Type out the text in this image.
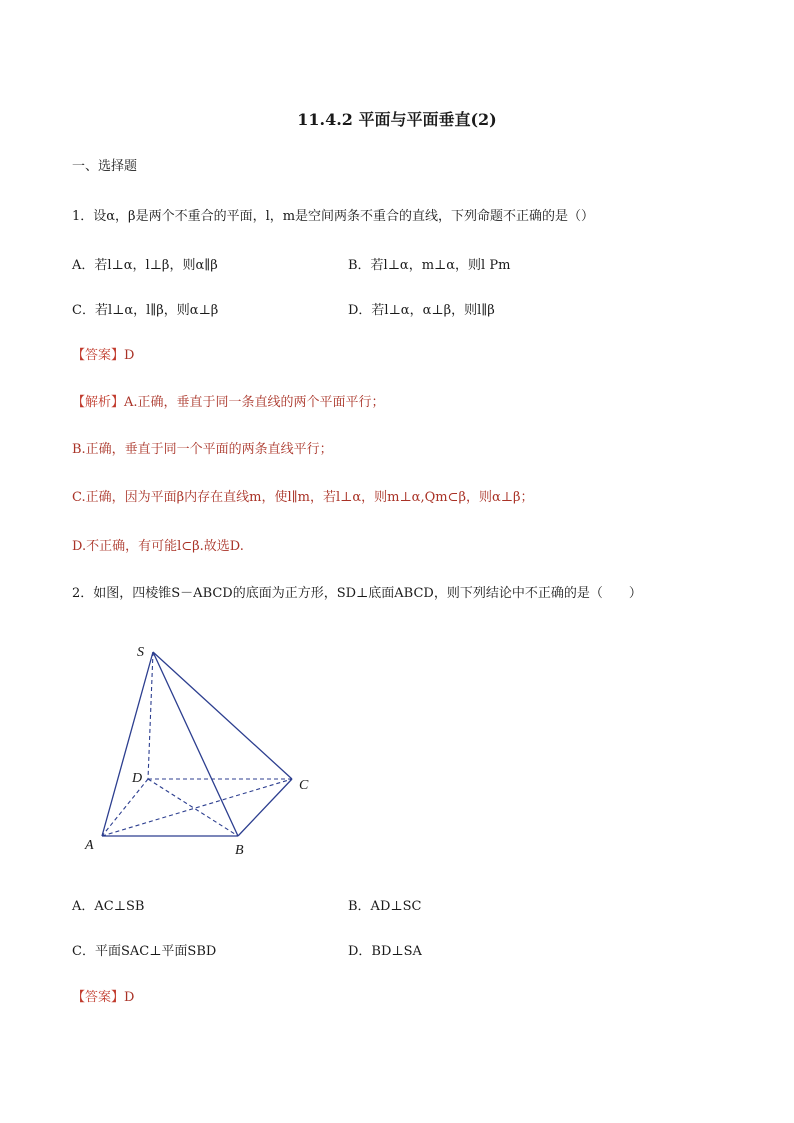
11.4.2 平面与平面垂直(2)
一、选择题
1．设α，β是两个不重合的平面，l，m是空间两条不重合的直线，下列命题不正确的是（）
A．若l⊥α，l⊥β，则α∥β	B．若l⊥α，m⊥α，则l Pm
C．若l⊥α，l∥β，则α⊥β	D．若l⊥α，α⊥β，则l∥β
【答案】D
【解析】A.正确，垂直于同一条直线的两个平面平行；
B.正确，垂直于同一个平面的两条直线平行；
C.正确，因为平面β内存在直线m，使l∥m，若l⊥α，则m⊥α,Qm⊂β，则α⊥β；
D.不正确，有可能l⊂β.故选D.
2．如图，四棱锥S－ABCD的底面为正方形，SD⊥底面ABCD，则下列结论中不正确的是（　　）
S
D	C
A	B
A．AC⊥SB	B．AD⊥SC
C．平面SAC⊥平面SBD	D．BD⊥SA
【答案】D
